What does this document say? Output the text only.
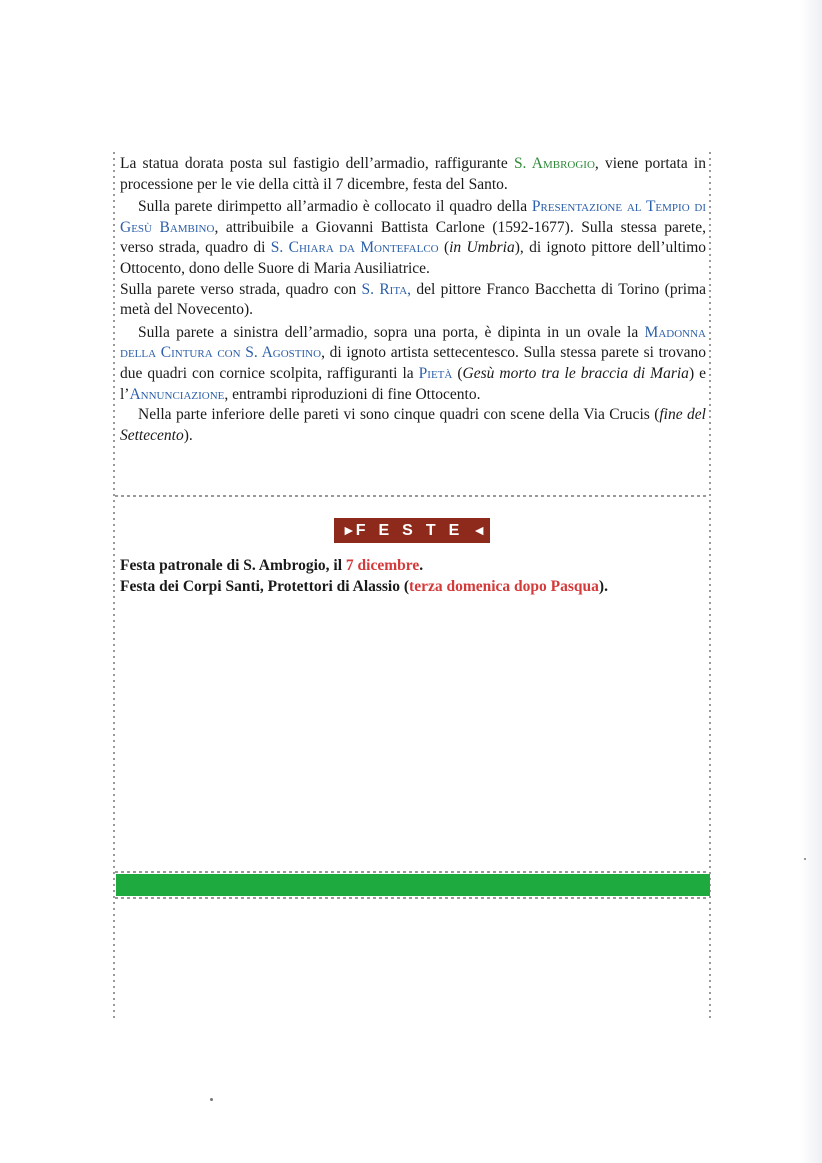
La statua dorata posta sul fastigio dell’armadio, raffigurante S. Ambrogio, viene portata in processione per le vie della città il 7 dicembre, festa del Santo.

Sulla parete dirimpetto all’armadio è collocato il quadro della Presentazione al Tempio di Gesù Bambino, attribuibile a Giovanni Battista Carlone (1592-1677). Sulla stessa parete, verso strada, quadro di S. Chiara da Montefalco (in Umbria), di ignoto pittore dell’ultimo Ottocento, dono delle Suore di Maria Ausiliatrice.

Sulla parete verso strada, quadro con S. Rita, del pittore Franco Bacchetta di Torino (prima metà del Novecento).

Sulla parete a sinistra dell’armadio, sopra una porta, è dipinta in un ovale la Madonna della Cintura con S. Agostino, di ignoto artista settecentesco. Sulla stessa parete si trovano due quadri con cornice scolpita, raffiguranti la Pietà (Gesù morto tra le braccia di Maria) e l’Annunciazione, entrambi riproduzioni di fine Ottocento.

Nella parte inferiore delle pareti vi sono cinque quadri con scene della Via Crucis (fine del Settecento).

►FESTE◄
Festa patronale di S. Ambrogio, il 7 dicembre.
Festa dei Corpi Santi, Protettori di Alassio (terza domenica dopo Pasqua).
